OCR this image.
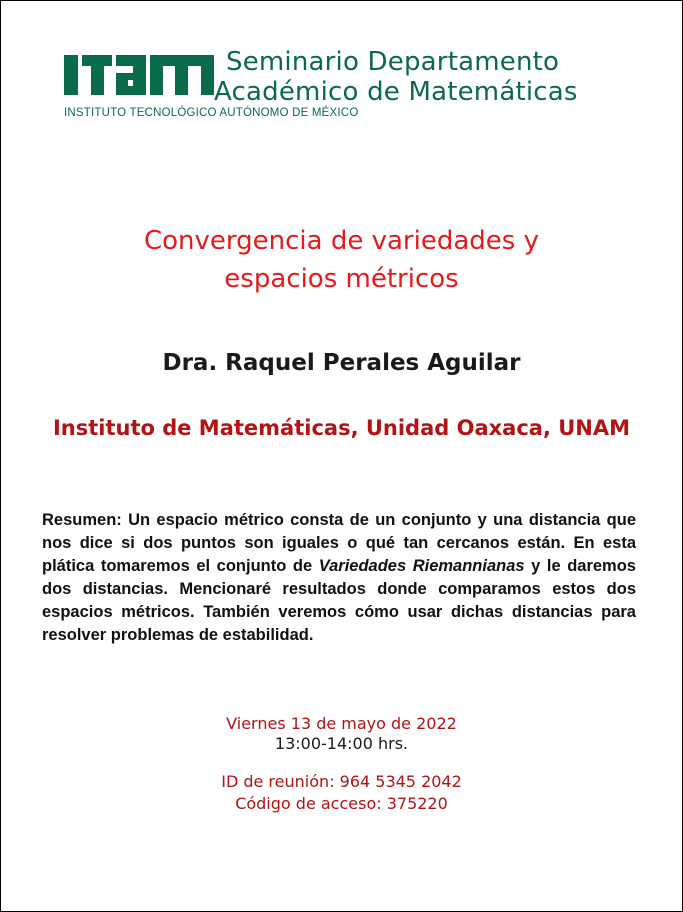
Seminario Departamento
Académico de Matemáticas
INSTITUTO TECNOLÓGICO AUTÓNOMO DE MÉXICO
Convergencia de variedades y
espacios métricos
Dra. Raquel Perales Aguilar
Instituto de Matemáticas, Unidad Oaxaca, UNAM
Resumen: Un espacio métrico consta de un conjunto y una distancia que nos dice si dos puntos son iguales o qué tan cercanos están. En esta plática tomaremos el conjunto de Variedades Riemannianas y le daremos dos distancias. Mencionaré resultados donde comparamos estos dos espacios métricos. También veremos cómo usar dichas distancias para resolver problemas de estabilidad.
Viernes 13 de mayo de 2022
13:00-14:00 hrs.
ID de reunión: 964 5345 2042
Código de acceso: 375220
